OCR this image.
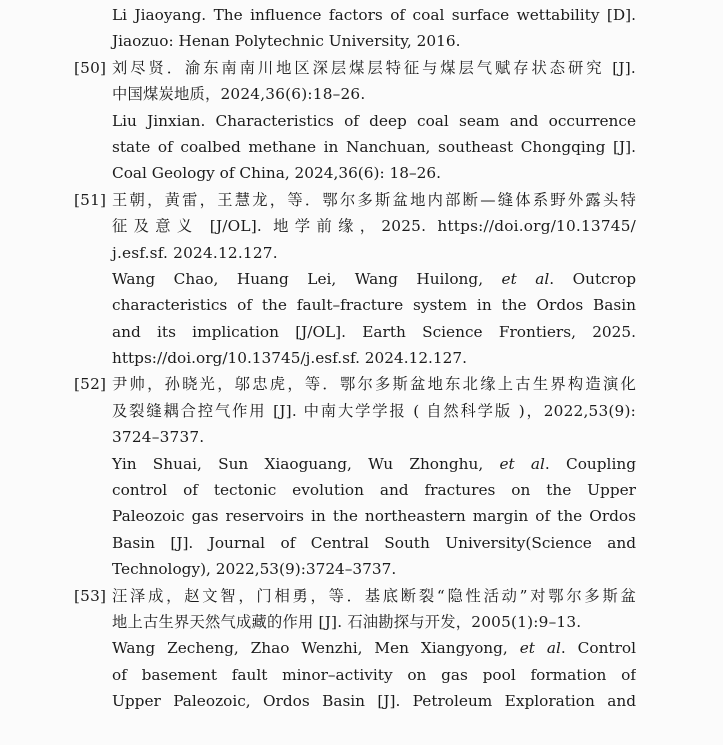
Li Jiaoyang. The influence factors of coal surface wettability [D].
Jiaozuo: Henan Polytechnic University, 2016.
[50] 刘尽贤．渝东南南川地区深层煤层特征与煤层气赋存状态研究 [J].
中国煤炭地质，2024,36(6):18–26.
Liu Jinxian. Characteristics of deep coal seam and occurrence
state of coalbed methane in Nanchuan, southeast Chongqing [J].
Coal Geology of China, 2024,36(6): 18–26.
[51] 王朝，黄雷，王慧龙，等．鄂尔多斯盆地内部断—缝体系野外露头特
征及意义 [J/OL]. 地学前缘，2025. https://doi.org/10.13745/
j.esf.sf. 2024.12.127.
Wang Chao, Huang Lei, Wang Huilong, et al. Outcrop
characteristics of the fault–fracture system in the Ordos Basin
and its implication [J/OL]. Earth Science Frontiers, 2025.
https://doi.org/10.13745/j.esf.sf. 2024.12.127.
[52] 尹帅，孙晓光，邬忠虎，等．鄂尔多斯盆地东北缘上古生界构造演化
及裂缝耦合控气作用 [J]. 中南大学学报 ( 自然科学版 )，2022,53(9):
3724–3737.
Yin Shuai, Sun Xiaoguang, Wu Zhonghu, et al. Coupling
control of tectonic evolution and fractures on the Upper
Paleozoic gas reservoirs in the northeastern margin of the Ordos
Basin [J]. Journal of Central South University(Science and
Technology), 2022,53(9):3724–3737.
[53] 汪泽成，赵文智，门相勇，等．基底断裂“隐性活动”对鄂尔多斯盆
地上古生界天然气成藏的作用 [J]. 石油勘探与开发，2005(1):9–13.
Wang Zecheng, Zhao Wenzhi, Men Xiangyong, et al. Control
of basement fault minor–activity on gas pool formation of
Upper Paleozoic, Ordos Basin [J]. Petroleum Exploration and
